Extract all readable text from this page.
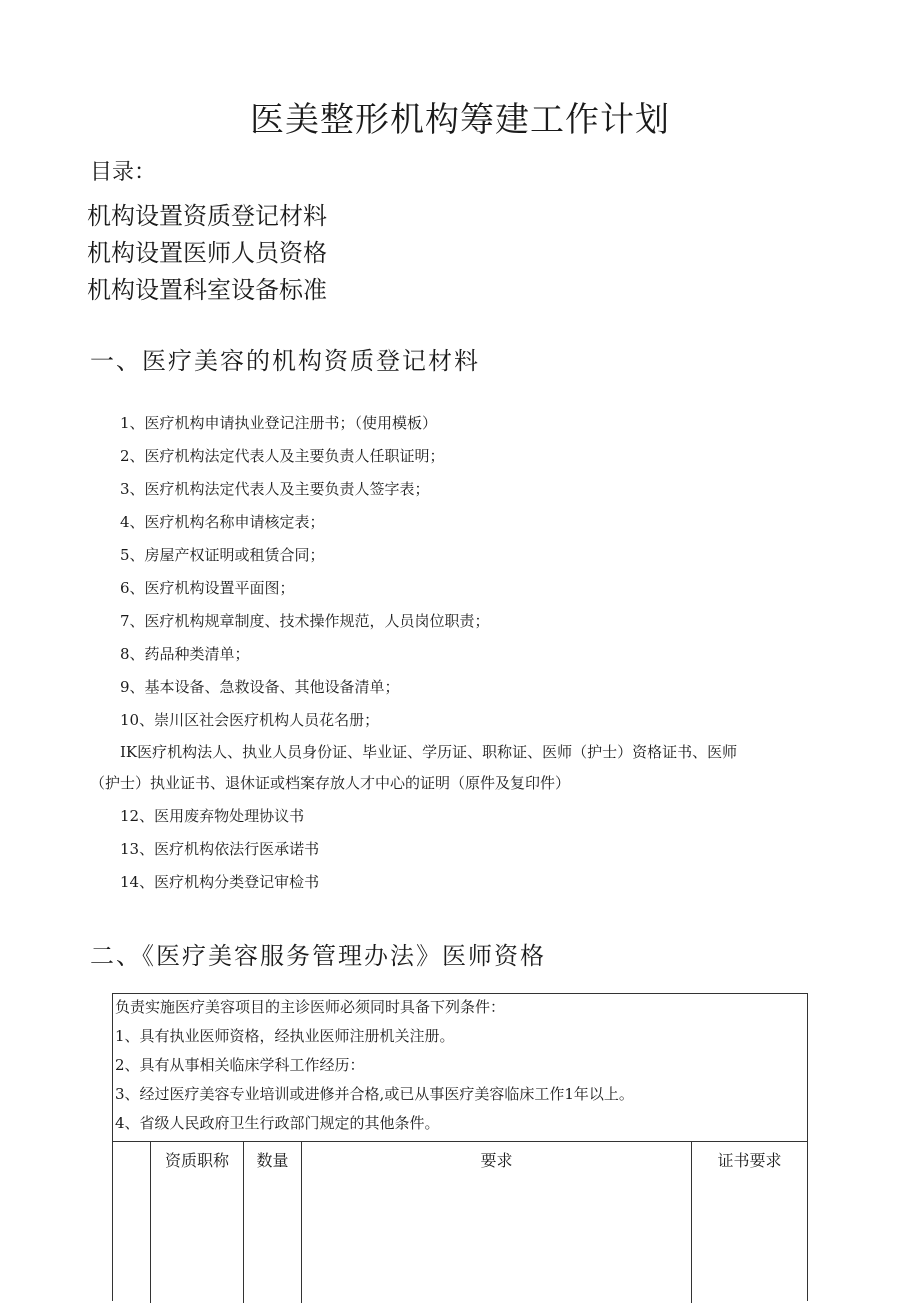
医美整形机构筹建工作计划
目录：
机构设置资质登记材料
机构设置医师人员资格
机构设置科室设备标准
一、医疗美容的机构资质登记材料
1、医疗机构申请执业登记注册书；（使用模板）
2、医疗机构法定代表人及主要负责人任职证明；
3、医疗机构法定代表人及主要负责人签字表；
4、医疗机构名称申请核定表；
5、房屋产权证明或租赁合同；
6、医疗机构设置平面图；
7、医疗机构规章制度、技术操作规范，人员岗位职责；
8、药品种类清单；
9、基本设备、急救设备、其他设备清单；
10、崇川区社会医疗机构人员花名册；
IK医疗机构法人、执业人员身份证、毕业证、学历证、职称证、医师（护士）资格证书、医师
（护士）执业证书、退休证或档案存放人才中心的证明（原件及复印件）
12、医用废弃物处理协议书
13、医疗机构依法行医承诺书
14、医疗机构分类登记审检书
二、《医疗美容服务管理办法》医师资格
负责实施医疗美容项目的主诊医师必须同时具备下列条件：
1、具有执业医师资格，经执业医师注册机关注册。
2、具有从事相关临床学科工作经历：
3、经过医疗美容专业培训或进修并合格,或已从事医疗美容临床工作1年以上。
4、省级人民政府卫生行政部门规定的其他条件。
资质职称	数量	要求	证书要求
